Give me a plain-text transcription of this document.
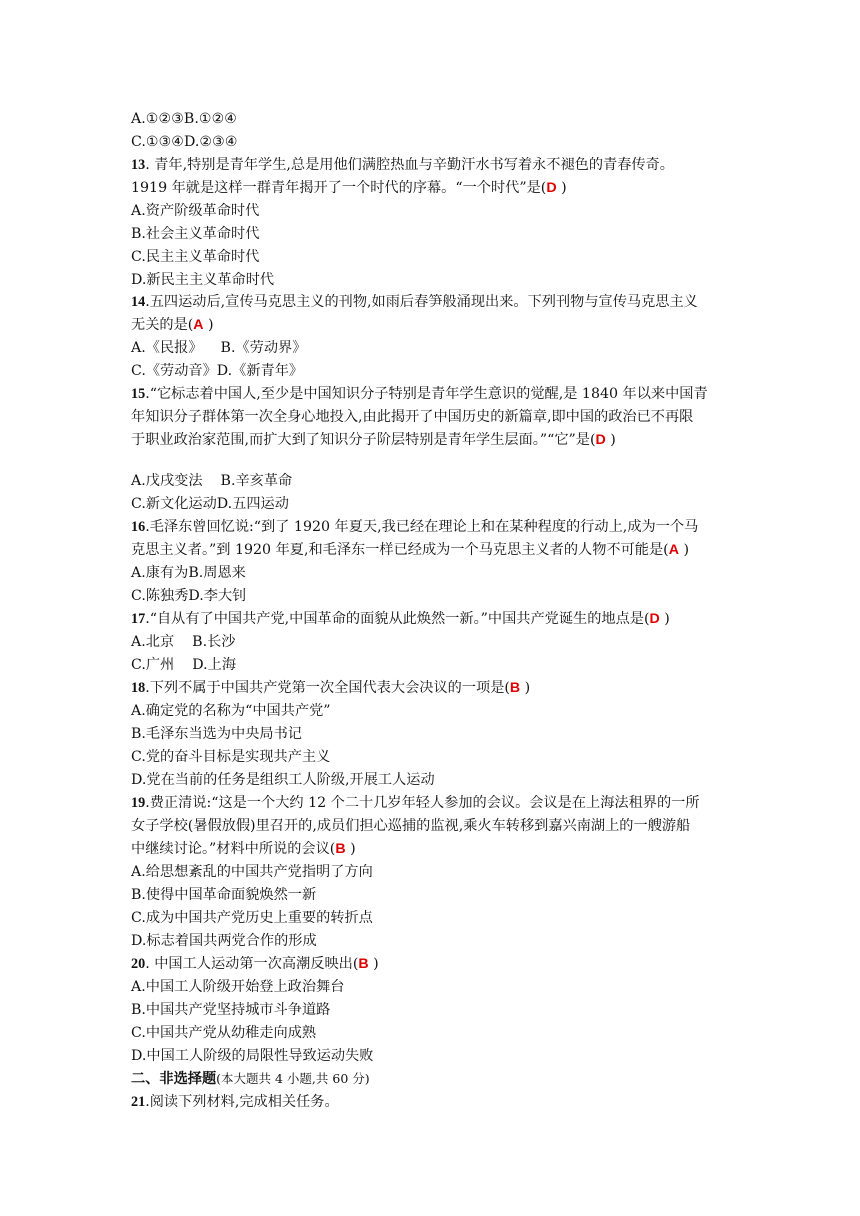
A.①②③B.①②④
C.①③④D.②③④
13. 青年,特别是青年学生,总是用他们满腔热血与辛勤汗水书写着永不褪色的青春传奇。
1919 年就是这样一群青年揭开了一个时代的序幕。“一个时代”是(D )
A.资产阶级革命时代
B.社会主义革命时代
C.民主主义革命时代
D.新民主主义革命时代
14.五四运动后,宣传马克思主义的刊物,如雨后春笋般涌现出来。下列刊物与宣传马克思主义
无关的是(A )
A.《民报》    B.《劳动界》
C.《劳动音》D.《新青年》
15.“它标志着中国人,至少是中国知识分子特别是青年学生意识的觉醒,是 1840 年以来中国青
年知识分子群体第一次全身心地投入,由此揭开了中国历史的新篇章,即中国的政治已不再限
于职业政治家范围,而扩大到了知识分子阶层特别是青年学生层面。”“它”是(D )
A.戊戌变法    B.辛亥革命
C.新文化运动D.五四运动
16.毛泽东曾回忆说:“到了 1920 年夏天,我已经在理论上和在某种程度的行动上,成为一个马
克思主义者。”到 1920 年夏,和毛泽东一样已经成为一个马克思主义者的人物不可能是(A )
A.康有为B.周恩来
C.陈独秀D.李大钊
17.“自从有了中国共产党,中国革命的面貌从此焕然一新。”中国共产党诞生的地点是(D )
A.北京    B.长沙
C.广州    D.上海
18.下列不属于中国共产党第一次全国代表大会决议的一项是(B )
A.确定党的名称为“中国共产党”
B.毛泽东当选为中央局书记
C.党的奋斗目标是实现共产主义
D.党在当前的任务是组织工人阶级,开展工人运动
19.费正清说:“这是一个大约 12 个二十几岁年轻人参加的会议。会议是在上海法租界的一所
女子学校(暑假放假)里召开的,成员们担心巡捕的监视,乘火车转移到嘉兴南湖上的一艘游船
中继续讨论。”材料中所说的会议(B )
A.给思想紊乱的中国共产党指明了方向
B.使得中国革命面貌焕然一新
C.成为中国共产党历史上重要的转折点
D.标志着国共两党合作的形成
20. 中国工人运动第一次高潮反映出(B )
A.中国工人阶级开始登上政治舞台
B.中国共产党坚持城市斗争道路
C.中国共产党从幼稚走向成熟
D.中国工人阶级的局限性导致运动失败
二、非选择题(本大题共 4 小题,共 60 分)
21.阅读下列材料,完成相关任务。
